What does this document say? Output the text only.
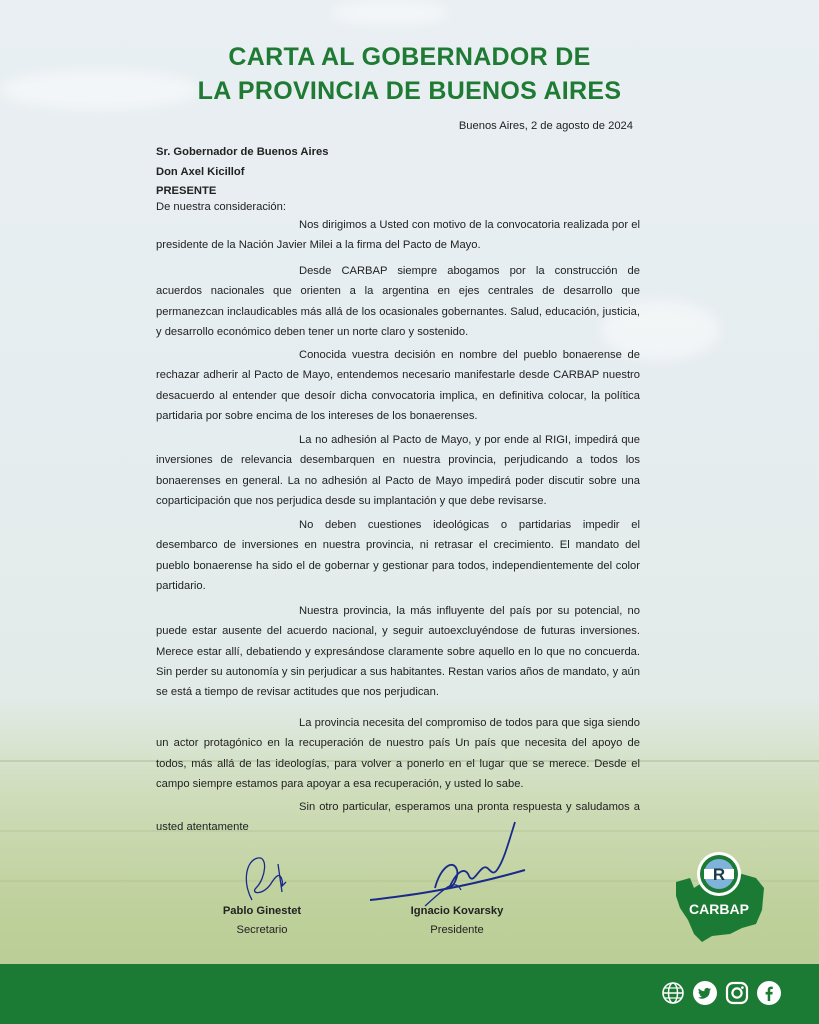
CARTA AL GOBERNADOR DE
LA PROVINCIA DE BUENOS AIRES
Buenos Aires, 2 de agosto de 2024
Sr. Gobernador de Buenos Aires
Don Axel Kicillof
PRESENTE
De nuestra consideración:

Nos dirigimos a Usted con motivo de la convocatoria realizada por el presidente de la Nación Javier Milei a la firma del Pacto de Mayo.

Desde CARBAP siempre abogamos por la construcción de acuerdos nacionales que orienten a la argentina en ejes centrales de desarrollo que permanezcan inclaudicables más allá de los ocasionales gobernantes. Salud, educación, justicia, y desarrollo económico deben tener un norte claro y sostenido.

Conocida vuestra decisión en nombre del pueblo bonaerense de rechazar adherir al Pacto de Mayo, entendemos necesario manifestarle desde CARBAP nuestro desacuerdo al entender que desoír dicha convocatoria implica, en definitiva colocar, la política partidaria por sobre encima de los intereses de los bonaerenses.

La no adhesión al Pacto de Mayo, y por ende al RIGI, impedirá que inversiones de relevancia desembarquen en nuestra provincia, perjudicando a todos los bonaerenses en general. La no adhesión al Pacto de Mayo impedirá poder discutir sobre una coparticipación que nos perjudica desde su implantación y que debe revisarse.

No deben cuestiones ideológicas o partidarias impedir el desembarco de inversiones en nuestra provincia, ni retrasar el crecimiento. El mandato del pueblo bonaerense ha sido el de gobernar y gestionar para todos, independientemente del color partidario.

Nuestra provincia, la más influyente del país por su potencial, no puede estar ausente del acuerdo nacional, y seguir autoexcluyéndose de futuras inversiones. Merece estar allí, debatiendo y expresándose claramente sobre aquello en lo que no concuerda. Sin perder su autonomía y sin perjudicar a sus habitantes. Restan varios años de mandato, y aún se está a tiempo de revisar actitudes que nos perjudican.

La provincia necesita del compromiso de todos para que siga siendo un actor protagónico en la recuperación de nuestro país Un país que necesita del apoyo de todos, más allá de las ideologías, para volver a ponerlo en el lugar que se merece. Desde el campo siempre estamos para apoyar a esa recuperación, y usted lo sabe.

Sin otro particular, esperamos una pronta respuesta y saludamos a usted atentamente

Pablo Ginestet
Secretario
Ignacio Kovarsky
Presidente
R
CARBAP
